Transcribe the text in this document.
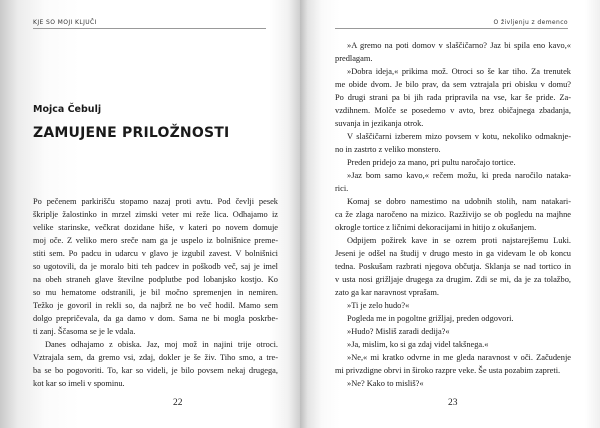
KJE SO MOJI KLJUČI
Mojca Čebulj
ZAMUJENE PRILOŽNOSTI
Po pečenem parkirišču stopamo nazaj proti avtu. Pod čevlji pesek
škriplje žalostinko in mrzel zimski veter mi reže lica. Odhajamo iz
velike starinske, večkrat dozidane hiše, v kateri po novem domuje
moj oče. Z veliko mero sreče nam ga je uspelo iz bolnišnice preme-
stiti sem. Po padcu in udarcu v glavo je izgubil zavest. V bolnišnici
so ugotovili, da je moralo biti teh padcev in poškodb več, saj je imel
na obeh straneh glave številne podplutbe pod lobanjsko kostjo. Ko
so mu hematome odstranili, je bil močno spremenjen in nemiren.
Težko je govoril in rekli so, da najbrž ne bo več hodil. Mamo sem
dolgo prepričevala, da ga damo v dom. Sama ne bi mogla poskrbe-
ti zanj. Ščasoma se je le vdala.
Danes odhajamo z obiska. Jaz, moj mož in najini trije otroci.
Vztrajala sem, da gremo vsi, zdaj, dokler je še živ. Tiho smo, a tre-
ba se bo pogovoriti. To, kar so videli, je bilo povsem nekaj drugega,
kot kar so imeli v spominu.
22
O življenju z demenco
»A gremo na poti domov v slaščičarno? Jaz bi spila eno kavo,«
predlagam.
»Dobra ideja,« prikima mož. Otroci so še kar tiho. Za trenutek
me obide dvom. Je bilo prav, da sem vztrajala pri obisku v domu?
Po drugi strani pa bi jih rada pripravila na vse, kar še pride. Za-
vzdihnem. Molče se posedemo v avto, brez običajnega zbadanja,
suvanja in jezikanja otrok.
V slaščičarni izberem mizo povsem v kotu, nekoliko odmaknje-
no in zastrto z veliko monstero.
Preden pridejo za mano, pri pultu naročajo tortice.
»Jaz bom samo kavo,« rečem možu, ki preda naročilo nataka-
rici.
Komaj se dobro namestimo na udobnih stolih, nam natakari-
ca že zlaga naročeno na mizico. Razživijo se ob pogledu na majhne
okrogle tortice z ličnimi dekoracijami in hitijo z okušanjem.
Odpijem požirek kave in se ozrem proti najstarejšemu Luki.
Jeseni je odšel na študij v drugo mesto in ga videvam le ob koncu
tedna. Poskušam razbrati njegova občutja. Sklanja se nad tortico in
v usta nosi grižljaje drugega za drugim. Zdi se mi, da je za tolažbo,
zato ga kar naravnost vprašam.
»Ti je zelo hudo?«
Pogleda me in pogoltne grižljaj, preden odgovori.
»Hudo? Misliš zaradi dedija?«
»Ja, mislim, ko si ga zdaj videl takšnega.«
»Ne,« mi kratko odvrne in me gleda naravnost v oči. Začudenje
mi privzdigne obrvi in široko razpre veke. Še usta pozabim zapreti.
»Ne? Kako to misliš?«
23
